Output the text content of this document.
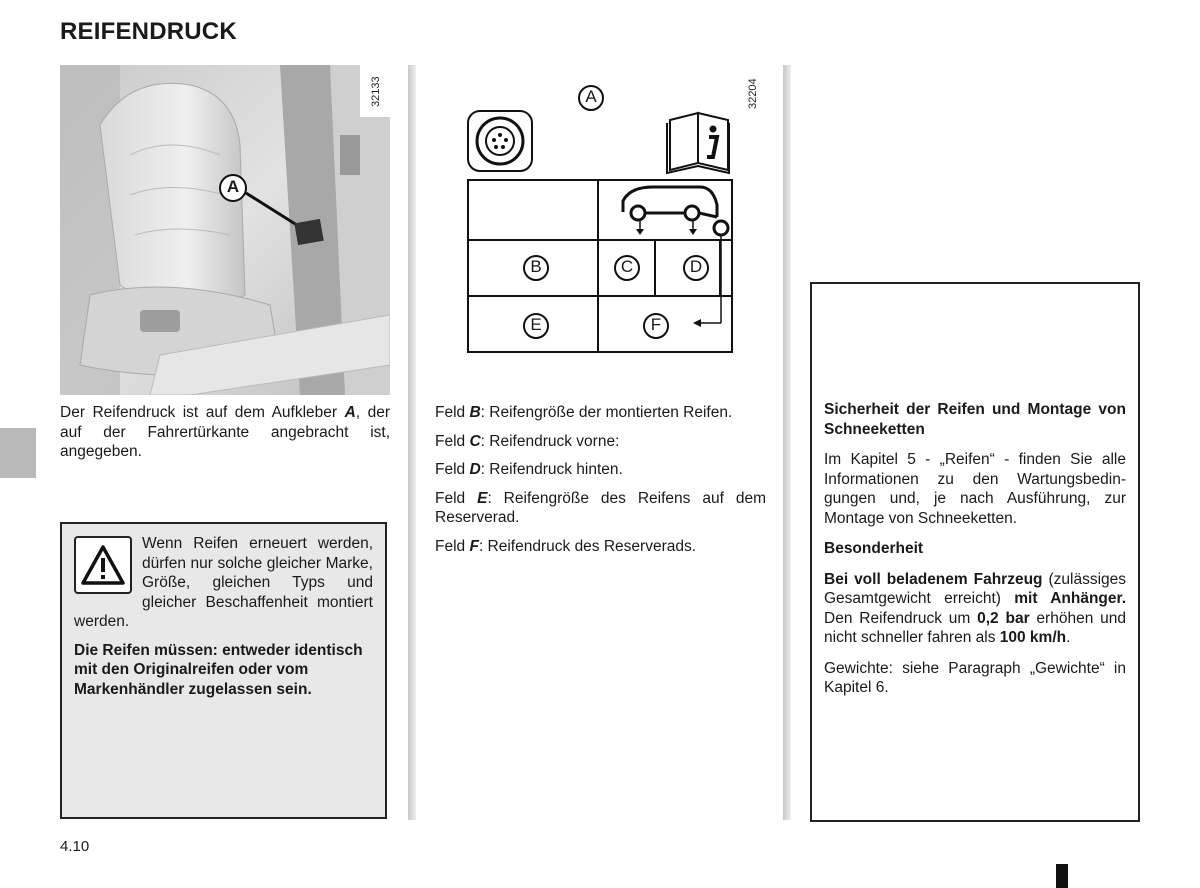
REIFENDRUCK
A
32133
Der Reifendruck ist auf dem Aufkleber A, der auf der Fahrertürkante angebracht ist, angegeben.

Wenn Reifen erneuert werden, dürfen nur solche gleicher Marke, Größe, gleichen Typs und gleicher Beschaffenheit montiert werden.

Die Reifen müssen: entweder identisch mit den Originalreifen oder vom Markenhändler zugelassen sein.

A
B	C	D
E	F
32204

Feld B: Reifengröße der montierten Reifen.

Feld C: Reifendruck vorne:

Feld D: Reifendruck hinten.

Feld E: Reifengröße des Reifens auf dem Reserverad.

Feld F: Reifendruck des Reserverads.

Sicherheit der Reifen und Montage von Schneeketten

Im Kapitel 5 - „Reifen“ - finden Sie alle Informationen zu den Wartungsbedingungen und, je nach Ausführung, zur Montage von Schneeketten.

Besonderheit

Bei voll beladenem Fahrzeug (zulässiges Gesamtgewicht erreicht) mit Anhänger. Den Reifendruck um 0,2 bar erhöhen und nicht schneller fahren als 100 km/h.

Gewichte: siehe Paragraph „Gewichte“ in Kapitel 6.

4.10
